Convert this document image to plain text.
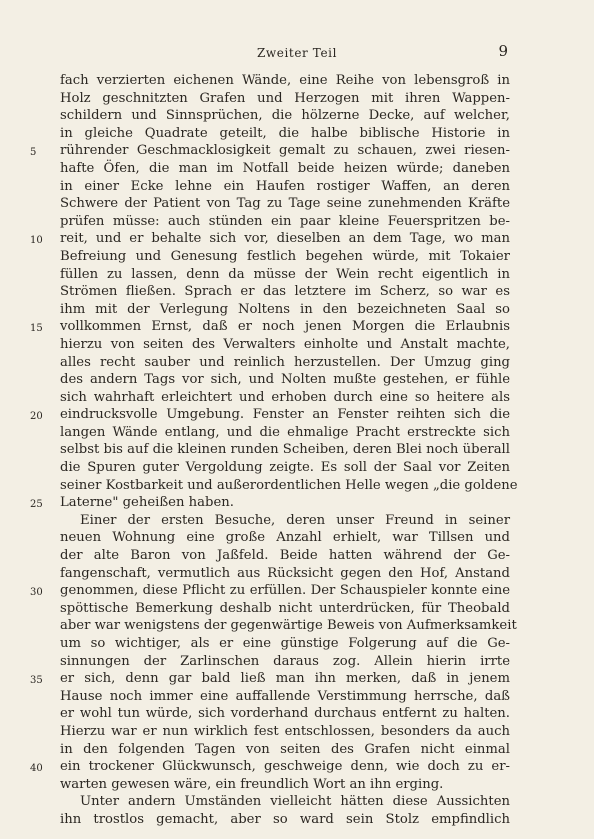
Zweiter Teil	9
fach verzierten eichenen Wände, eine Reihe von lebensgroß in
Holz geschnitzten Grafen und Herzogen mit ihren Wappen-
schildern und Sinnsprüchen, die hölzerne Decke, auf welcher,
in gleiche Quadrate geteilt, die halbe biblische Historie in
5	rührender Geschmacklosigkeit gemalt zu schauen, zwei riesen-
hafte Öfen, die man im Notfall beide heizen würde; daneben
in einer Ecke lehne ein Haufen rostiger Waffen, an deren
Schwere der Patient von Tag zu Tage seine zunehmenden Kräfte
prüfen müsse: auch stünden ein paar kleine Feuerspritzen be-
10	reit, und er behalte sich vor, dieselben an dem Tage, wo man
Befreiung und Genesung festlich begehen würde, mit Tokaier
füllen zu lassen, denn da müsse der Wein recht eigentlich in
Strömen fließen. Sprach er das letztere im Scherz, so war es
ihm mit der Verlegung Noltens in den bezeichneten Saal so
15	vollkommen Ernst, daß er noch jenen Morgen die Erlaubnis
hierzu von seiten des Verwalters einholte und Anstalt machte,
alles recht sauber und reinlich herzustellen. Der Umzug ging
des andern Tags vor sich, und Nolten mußte gestehen, er fühle
sich wahrhaft erleichtert und erhoben durch eine so heitere als
20	eindrucksvolle Umgebung. Fenster an Fenster reihten sich die
langen Wände entlang, und die ehmalige Pracht erstreckte sich
selbst bis auf die kleinen runden Scheiben, deren Blei noch überall
die Spuren guter Vergoldung zeigte. Es soll der Saal vor Zeiten
seiner Kostbarkeit und außerordentlichen Helle wegen „die goldene
25	Laterne" geheißen haben.
Einer der ersten Besuche, deren unser Freund in seiner
neuen Wohnung eine große Anzahl erhielt, war Tillsen und
der alte Baron von Jaßfeld. Beide hatten während der Ge-
fangenschaft, vermutlich aus Rücksicht gegen den Hof, Anstand
30	genommen, diese Pflicht zu erfüllen. Der Schauspieler konnte eine
spöttische Bemerkung deshalb nicht unterdrücken, für Theobald
aber war wenigstens der gegenwärtige Beweis von Aufmerksamkeit
um so wichtiger, als er eine günstige Folgerung auf die Ge-
sinnungen der Zarlinschen daraus zog. Allein hierin irrte
35	er sich, denn gar bald ließ man ihn merken, daß in jenem
Hause noch immer eine auffallende Verstimmung herrsche, daß
er wohl tun würde, sich vorderhand durchaus entfernt zu halten.
Hierzu war er nun wirklich fest entschlossen, besonders da auch
in den folgenden Tagen von seiten des Grafen nicht einmal
40	ein trockener Glückwunsch, geschweige denn, wie doch zu er-
warten gewesen wäre, ein freundlich Wort an ihn erging.
Unter andern Umständen vielleicht hätten diese Aussichten
ihn trostlos gemacht, aber so ward sein Stolz empfindlich
